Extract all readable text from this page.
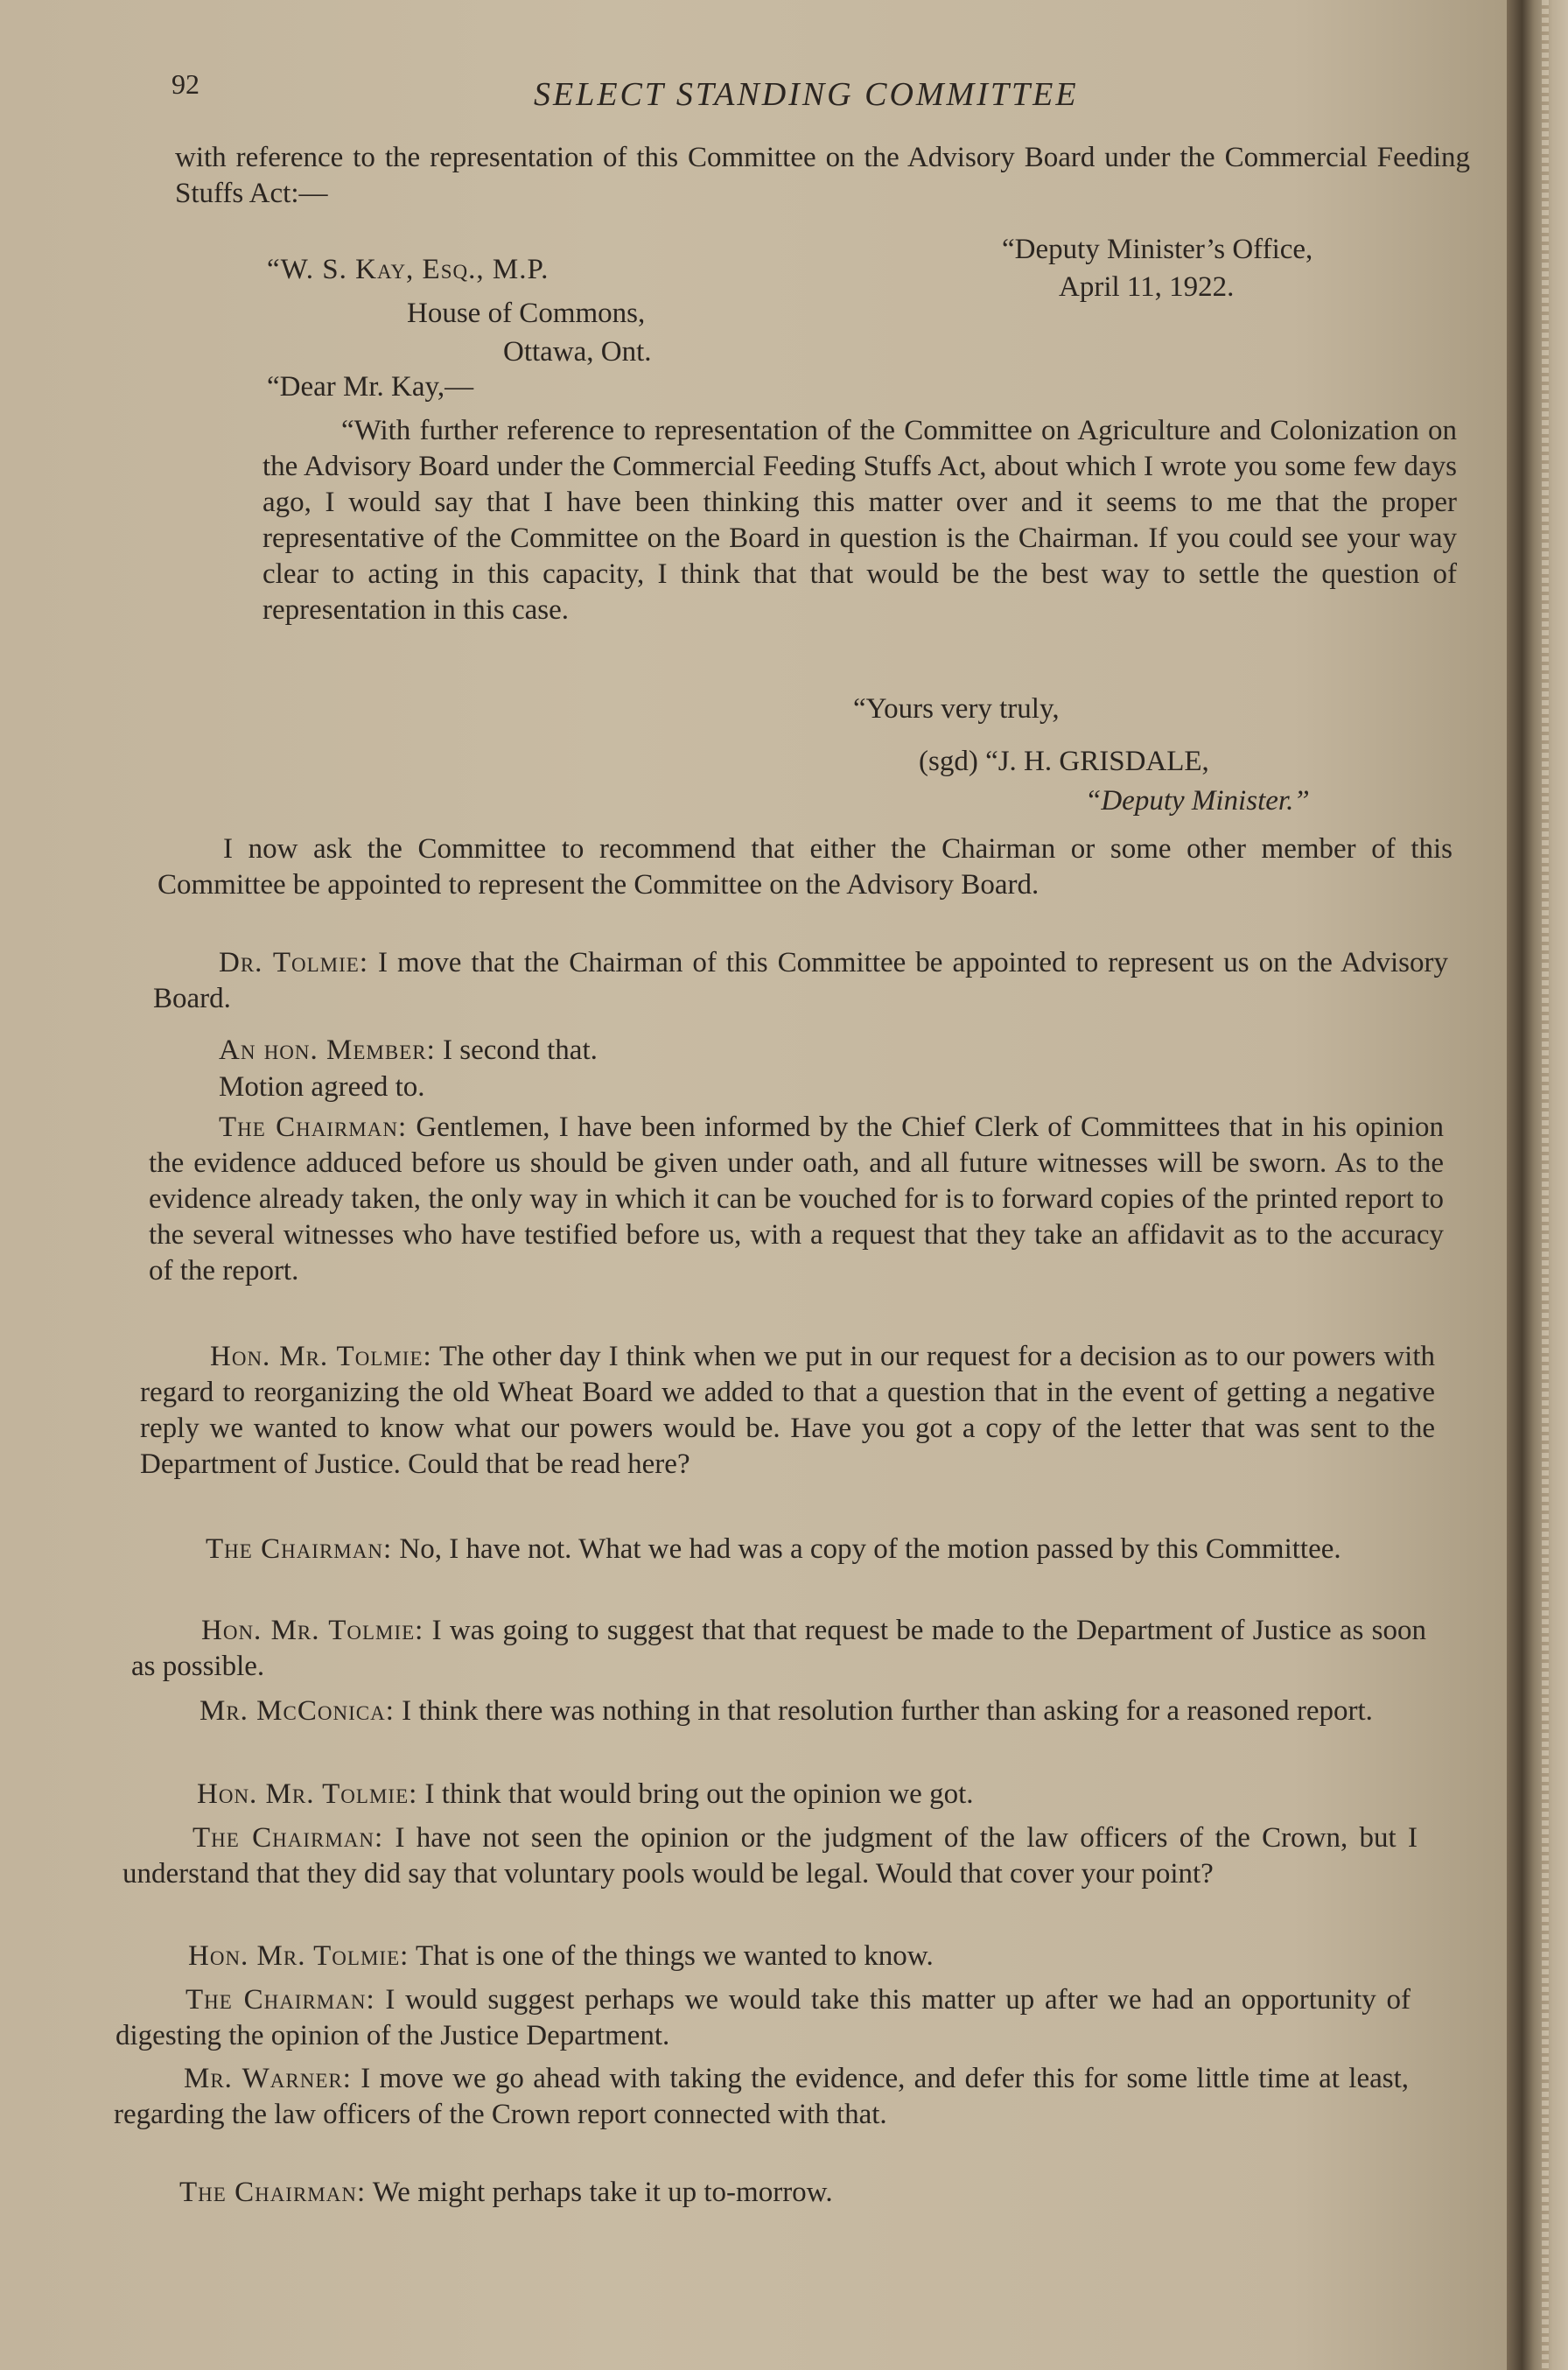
92	SELECT STANDING COMMITTEE

with reference to the representation of this Committee on the Advisory Board under the Commercial Feeding Stuffs Act:—

“Deputy Minister’s Office,
April 11, 1922.
“W. S. Kay, Esq., M.P.
House of Commons,
Ottawa, Ont.
“Dear Mr. Kay,—

“With further reference to representation of the Committee on Agriculture and Colonization on the Advisory Board under the Commercial Feeding Stuffs Act, about which I wrote you some few days ago, I would say that I have been thinking this matter over and it seems to me that the proper representative of the Committee on the Board in question is the Chairman. If you could see your way clear to acting in this capacity, I think that that would be the best way to settle the question of representation in this case.

“Yours very truly,
(sgd) “J. H. GRISDALE,
“Deputy Minister.”

I now ask the Committee to recommend that either the Chairman or some other member of this Committee be appointed to represent the Committee on the Advisory Board.

Dr. Tolmie: I move that the Chairman of this Committee be appointed to represent us on the Advisory Board.

An hon. Member: I second that.

Motion agreed to.

The Chairman: Gentlemen, I have been informed by the Chief Clerk of Committees that in his opinion the evidence adduced before us should be given under oath, and all future witnesses will be sworn. As to the evidence already taken, the only way in which it can be vouched for is to forward copies of the printed report to the several witnesses who have testified before us, with a request that they take an affidavit as to the accuracy of the report.

Hon. Mr. Tolmie: The other day I think when we put in our request for a decision as to our powers with regard to reorganizing the old Wheat Board we added to that a question that in the event of getting a negative reply we wanted to know what our powers would be. Have you got a copy of the letter that was sent to the Department of Justice. Could that be read here?

The Chairman: No, I have not. What we had was a copy of the motion passed by this Committee.

Hon. Mr. Tolmie: I was going to suggest that that request be made to the Department of Justice as soon as possible.

Mr. McConica: I think there was nothing in that resolution further than asking for a reasoned report.

Hon. Mr. Tolmie: I think that would bring out the opinion we got.

The Chairman: I have not seen the opinion or the judgment of the law officers of the Crown, but I understand that they did say that voluntary pools would be legal. Would that cover your point?

Hon. Mr. Tolmie: That is one of the things we wanted to know.

The Chairman: I would suggest perhaps we would take this matter up after we had an opportunity of digesting the opinion of the Justice Department.

Mr. Warner: I move we go ahead with taking the evidence, and defer this for some little time at least, regarding the law officers of the Crown report connected with that.

The Chairman: We might perhaps take it up to-morrow.
